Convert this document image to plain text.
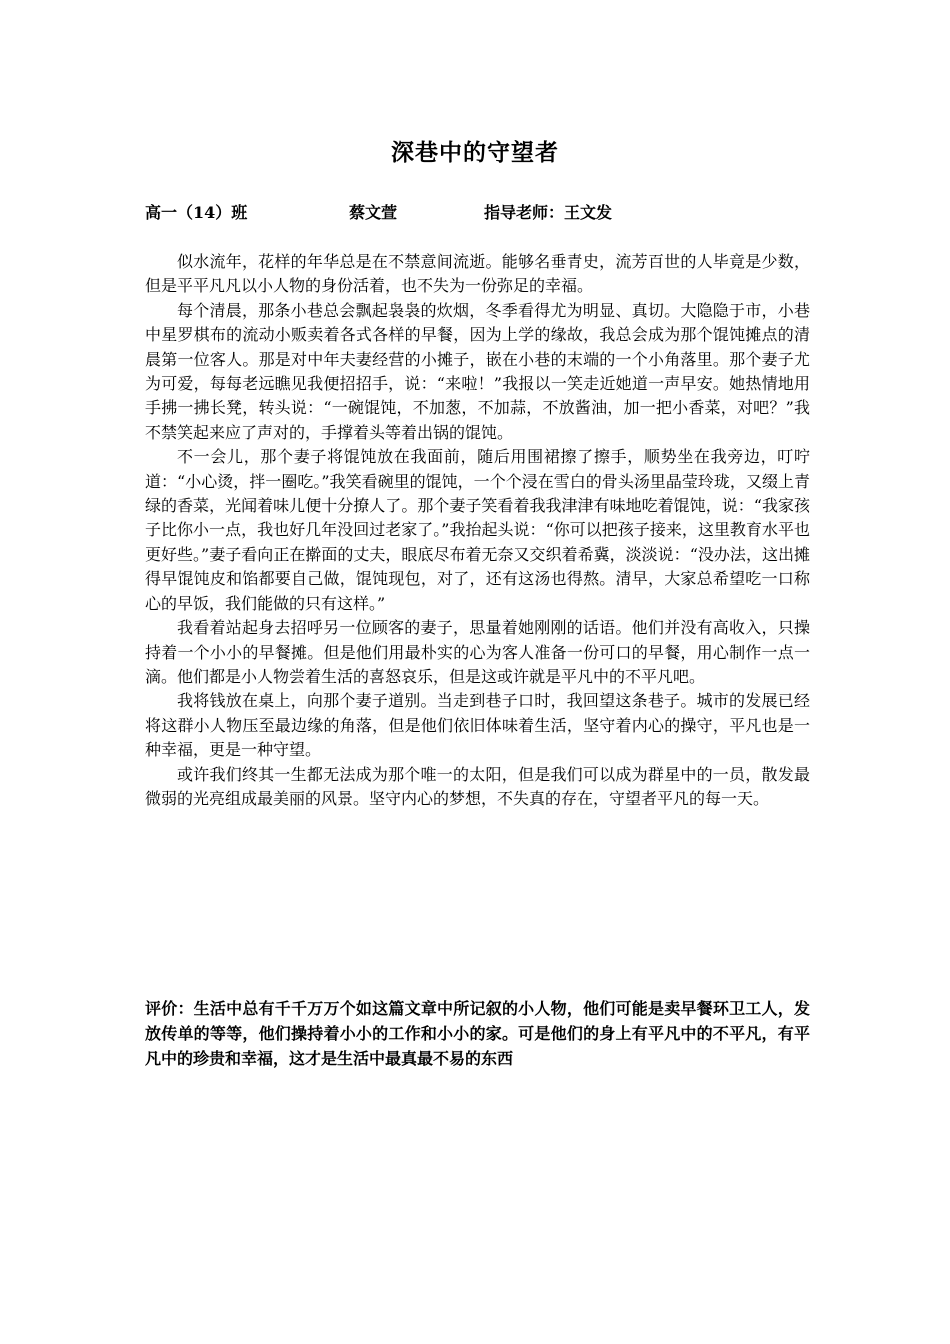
深巷中的守望者
高一（14）班	蔡文萱	指导老师：王文发

似水流年，花样的年华总是在不禁意间流逝。能够名垂青史，流芳百世的人毕竟是少数，但是平平凡凡以小人物的身份活着，也不失为一份弥足的幸福。

每个清晨，那条小巷总会飘起袅袅的炊烟，冬季看得尤为明显、真切。大隐隐于市，小巷中星罗棋布的流动小贩卖着各式各样的早餐，因为上学的缘故，我总会成为那个馄饨摊点的清晨第一位客人。那是对中年夫妻经营的小摊子，嵌在小巷的末端的一个小角落里。那个妻子尤为可爱，每每老远瞧见我便招招手，说：“来啦！”我报以一笑走近她道一声早安。她热情地用手拂一拂长凳，转头说：“一碗馄饨，不加葱，不加蒜，不放酱油，加一把小香菜，对吧？”我不禁笑起来应了声对的，手撑着头等着出锅的馄饨。

不一会儿，那个妻子将馄饨放在我面前，随后用围裙擦了擦手，顺势坐在我旁边，叮咛道：“小心烫，拌一圈吃。”我笑看碗里的馄饨，一个个浸在雪白的骨头汤里晶莹玲珑，又缀上青绿的香菜，光闻着味儿便十分撩人了。那个妻子笑看着我我津津有味地吃着馄饨，说：“我家孩子比你小一点，我也好几年没回过老家了。”我抬起头说：“你可以把孩子接来，这里教育水平也更好些。”妻子看向正在擀面的丈夫，眼底尽布着无奈又交织着希冀，淡淡说：“没办法，这出摊得早馄饨皮和馅都要自己做，馄饨现包，对了，还有这汤也得熬。清早，大家总希望吃一口称心的早饭，我们能做的只有这样。”

我看着站起身去招呼另一位顾客的妻子，思量着她刚刚的话语。他们并没有高收入，只操持着一个小小的早餐摊。但是他们用最朴实的心为客人准备一份可口的早餐，用心制作一点一滴。他们都是小人物尝着生活的喜怒哀乐，但是这或许就是平凡中的不平凡吧。

我将钱放在桌上，向那个妻子道别。当走到巷子口时，我回望这条巷子。城市的发展已经将这群小人物压至最边缘的角落，但是他们依旧体味着生活，坚守着内心的操守，平凡也是一种幸福，更是一种守望。

或许我们终其一生都无法成为那个唯一的太阳，但是我们可以成为群星中的一员，散发最微弱的光亮组成最美丽的风景。坚守内心的梦想，不失真的存在，守望者平凡的每一天。

评价：生活中总有千千万万个如这篇文章中所记叙的小人物，他们可能是卖早餐环卫工人，发放传单的等等，他们操持着小小的工作和小小的家。可是他们的身上有平凡中的不平凡，有平凡中的珍贵和幸福，这才是生活中最真最不易的东西
